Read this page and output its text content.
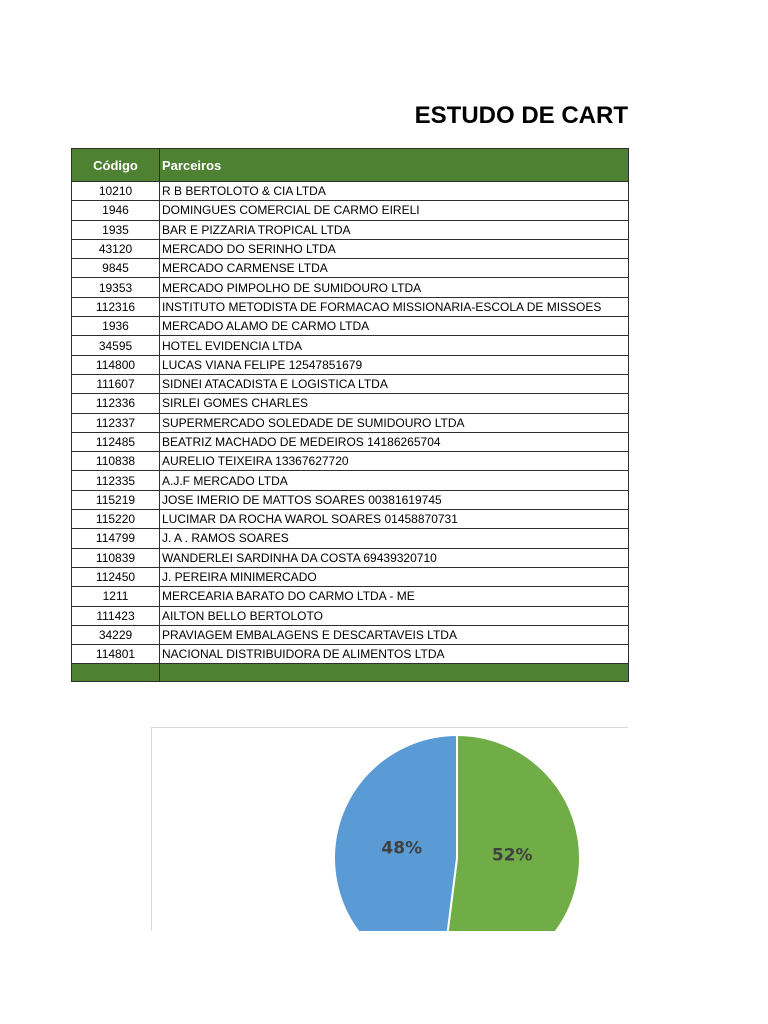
ESTUDO DE CART
Código	Parceiros
10210	R B BERTOLOTO & CIA LTDA
1946	DOMINGUES COMERCIAL DE CARMO EIRELI
1935	BAR E PIZZARIA TROPICAL LTDA
43120	MERCADO DO SERINHO LTDA
9845	MERCADO CARMENSE LTDA
19353	MERCADO PIMPOLHO DE SUMIDOURO LTDA
112316	INSTITUTO METODISTA DE FORMACAO MISSIONARIA-ESCOLA DE MISSOES
1936	MERCADO ALAMO DE CARMO LTDA
34595	HOTEL EVIDENCIA LTDA
114800	LUCAS VIANA FELIPE 12547851679
111607	SIDNEI ATACADISTA E LOGISTICA LTDA
112336	SIRLEI GOMES CHARLES
112337	SUPERMERCADO SOLEDADE DE SUMIDOURO LTDA
112485	BEATRIZ MACHADO DE MEDEIROS 14186265704
110838	AURELIO TEIXEIRA 13367627720
112335	A.J.F MERCADO LTDA
115219	JOSE IMERIO DE MATTOS SOARES 00381619745
115220	LUCIMAR DA ROCHA WAROL SOARES 01458870731
114799	J. A . RAMOS SOARES
110839	WANDERLEI SARDINHA DA COSTA 69439320710
112450	J. PEREIRA MINIMERCADO
1211	MERCEARIA BARATO DO CARMO LTDA - ME
111423	AILTON BELLO BERTOLOTO
34229	PRAVIAGEM EMBALAGENS E DESCARTAVEIS LTDA
114801	NACIONAL DISTRIBUIDORA DE ALIMENTOS LTDA

52%
48%
